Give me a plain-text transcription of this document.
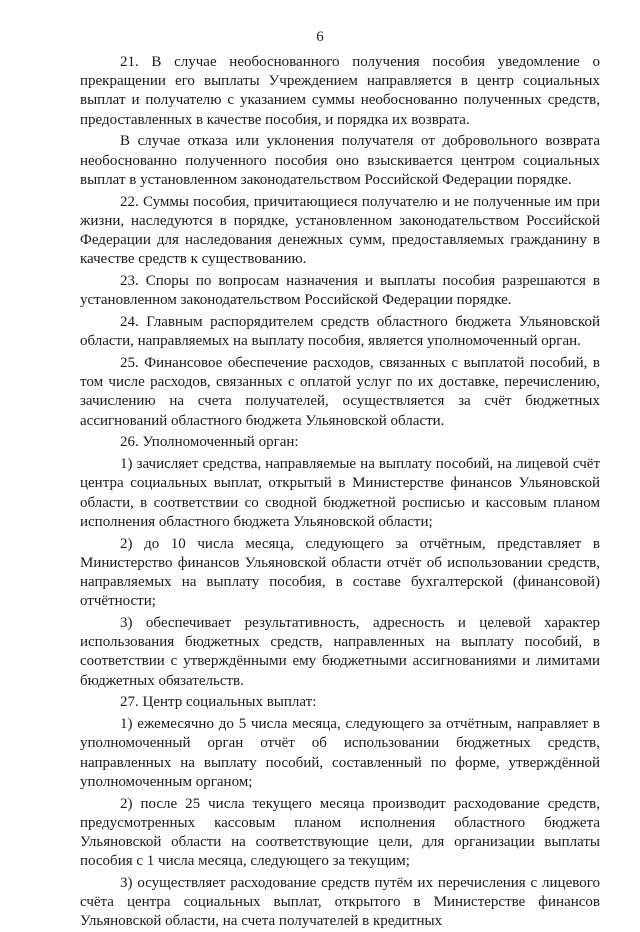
6

21. В случае необоснованного получения пособия уведомление о прекращении его выплаты Учреждением направляется в центр социальных выплат и получателю с указанием суммы необоснованно полученных средств, предоставленных в качестве пособия, и порядка их возврата.

В случае отказа или уклонения получателя от добровольного возврата необоснованно полученного пособия оно взыскивается центром социальных выплат в установленном законодательством Российской Федерации порядке.

22. Суммы пособия, причитающиеся получателю и не полученные им при жизни, наследуются в порядке, установленном законодательством Российской Федерации для наследования денежных сумм, предоставляемых гражданину в качестве средств к существованию.

23. Споры по вопросам назначения и выплаты пособия разрешаются в установленном законодательством Российской Федерации порядке.

24. Главным распорядителем средств областного бюджета Ульяновской области, направляемых на выплату пособия, является уполномоченный орган.

25. Финансовое обеспечение расходов, связанных с выплатой пособий, в том числе расходов, связанных с оплатой услуг по их доставке, перечислению, зачислению на счета получателей, осуществляется за счёт бюджетных ассигнований областного бюджета Ульяновской области.

26. Уполномоченный орган:

1) зачисляет средства, направляемые на выплату пособий, на лицевой счёт центра социальных выплат, открытый в Министерстве финансов Ульяновской области, в соответствии со сводной бюджетной росписью и кассовым планом исполнения областного бюджета Ульяновской области;

2) до 10 числа месяца, следующего за отчётным, представляет в Министерство финансов Ульяновской области отчёт об использовании средств, направляемых на выплату пособия, в составе бухгалтерской (финансовой) отчётности;

3) обеспечивает результативность, адресность и целевой характер использования бюджетных средств, направленных на выплату пособий, в соответствии с утверждёнными ему бюджетными ассигнованиями и лимитами бюджетных обязательств.

27. Центр социальных выплат:

1) ежемесячно до 5 числа месяца, следующего за отчётным, направляет в уполномоченный орган отчёт об использовании бюджетных средств, направленных на выплату пособий, составленный по форме, утверждённой уполномоченным органом;

2) после 25 числа текущего месяца производит расходование средств, предусмотренных кассовым планом исполнения областного бюджета Ульяновской области на соответствующие цели, для организации выплаты пособия с 1 числа месяца, следующего за текущим;

3) осуществляет расходование средств путём их перечисления с лицевого счёта центра социальных выплат, открытого в Министерстве финансов Ульяновской области, на счета получателей в кредитных
